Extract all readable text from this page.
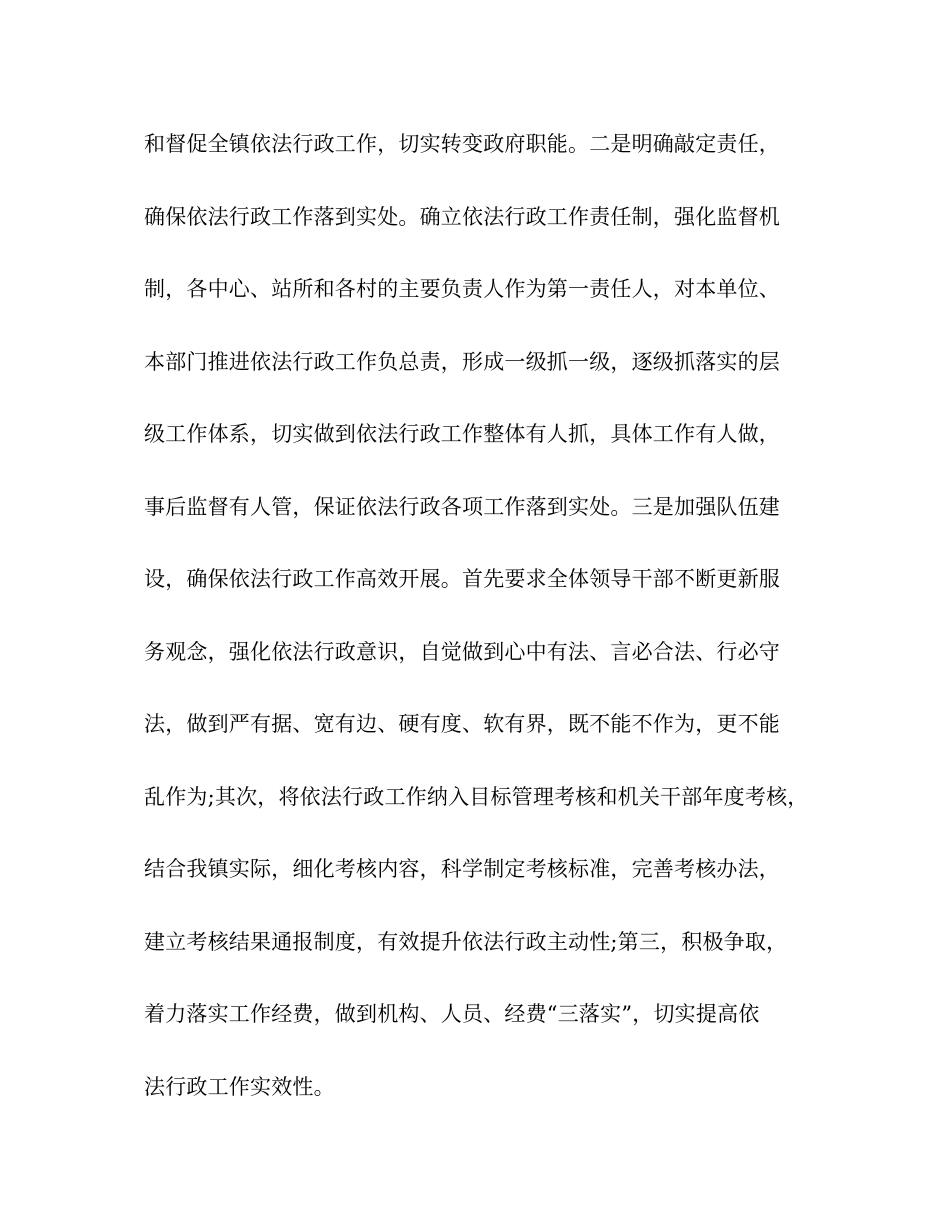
和督促全镇依法行政工作，切实转变政府职能。二是明确敲定责任，
确保依法行政工作落到实处。确立依法行政工作责任制，强化监督机
制，各中心、站所和各村的主要负责人作为第一责任人，对本单位、
本部门推进依法行政工作负总责，形成一级抓一级，逐级抓落实的层
级工作体系，切实做到依法行政工作整体有人抓，具体工作有人做，
事后监督有人管，保证依法行政各项工作落到实处。三是加强队伍建
设，确保依法行政工作高效开展。首先要求全体领导干部不断更新服
务观念，强化依法行政意识，自觉做到心中有法、言必合法、行必守
法，做到严有据、宽有边、硬有度、软有界，既不能不作为，更不能
乱作为;其次，将依法行政工作纳入目标管理考核和机关干部年度考核，
结合我镇实际，细化考核内容，科学制定考核标准，完善考核办法，
建立考核结果通报制度，有效提升依法行政主动性;第三，积极争取，
着力落实工作经费，做到机构、人员、经费“三落实”，切实提高依
法行政工作实效性。
